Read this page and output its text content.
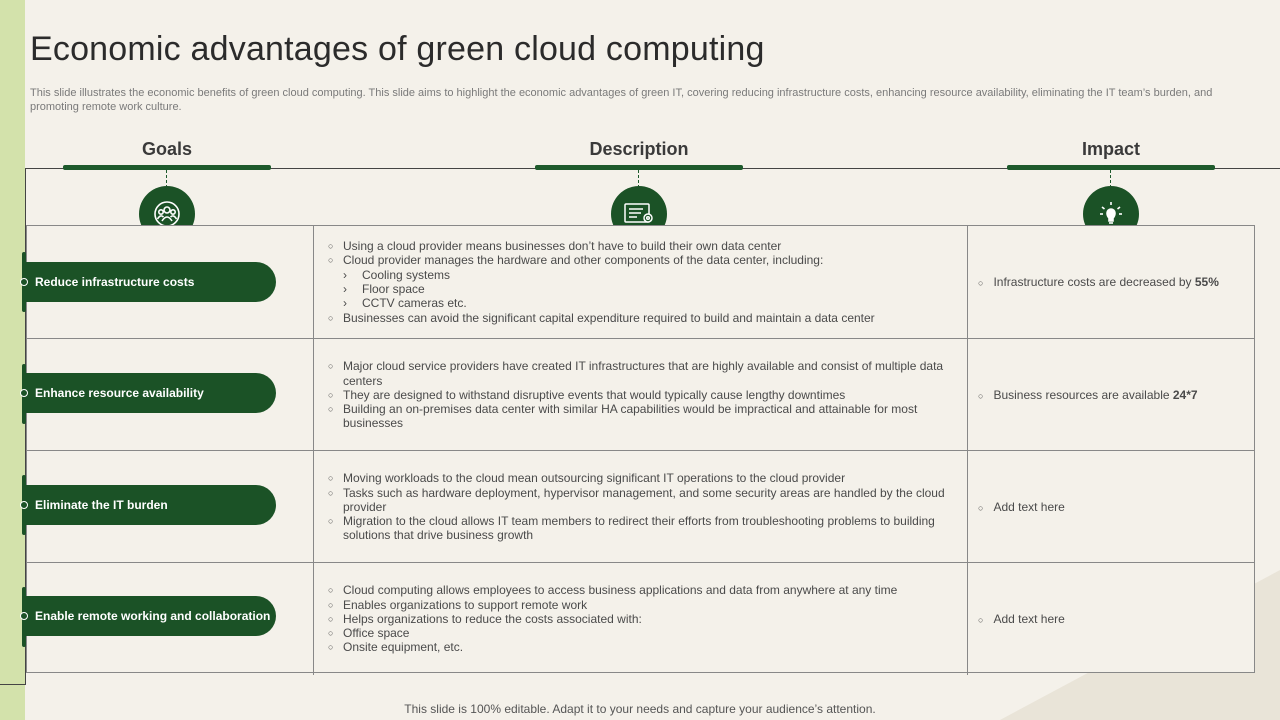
Economic advantages of green cloud computing

This slide illustrates the economic benefits of green cloud computing. This slide aims to highlight the economic advantages of green IT, covering reducing infrastructure costs, enhancing resource availability, eliminating the IT team’s burden, and promoting remote work culture.

Goals	Description	Impact
○ Using a cloud provider means businesses don’t have to build their own data center
○ Cloud provider manages the hardware and other components of the data center, including:
› Cooling systems
› Floor space
› CCTV cameras etc.
○ Businesses can avoid the significant capital expenditure required to build and maintain a data center
○ Infrastructure costs are decreased by 55%
○ Major cloud service providers have created IT infrastructures that are highly available and consist of multiple data centers
○ They are designed to withstand disruptive events that would typically cause lengthy downtimes
○ Building an on-premises data center with similar HA capabilities would be impractical and attainable for most businesses
○ Business resources are available 24*7
○ Moving workloads to the cloud mean outsourcing significant IT operations to the cloud provider
○ Tasks such as hardware deployment, hypervisor management, and some security areas are handled by the cloud provider
○ Migration to the cloud allows IT team members to redirect their efforts from troubleshooting problems to building solutions that drive business growth
○ Add text here
○ Cloud computing allows employees to access business applications and data from anywhere at any time
○ Enables organizations to support remote work
○ Helps organizations to reduce the costs associated with:
○ Office space
○ Onsite equipment, etc.
○ Add text here
Reduce infrastructure costs
Enhance resource availability
Eliminate the IT burden
Enable remote working and collaboration
This slide is 100% editable. Adapt it to your needs and capture your audience’s attention.
